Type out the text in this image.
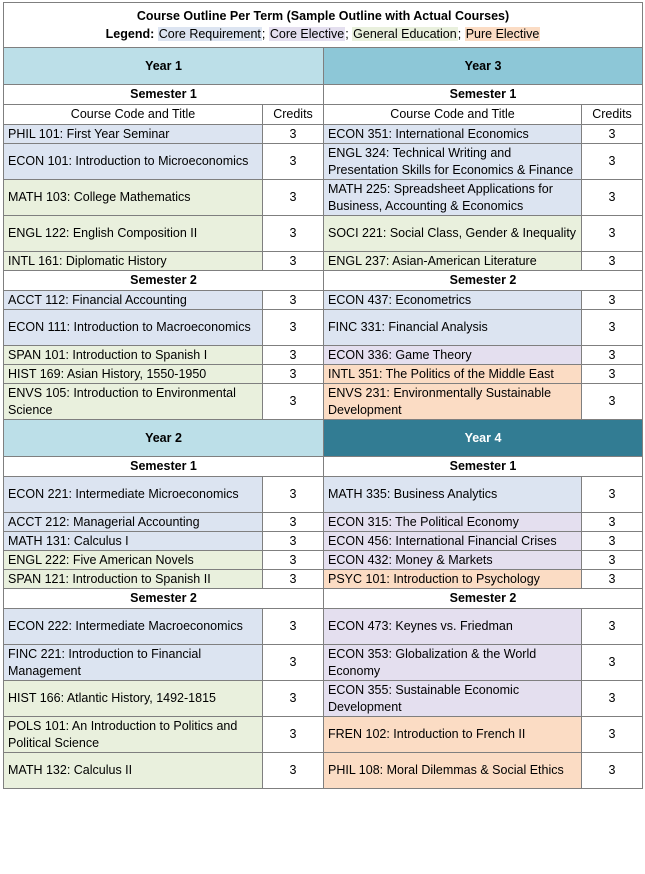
Course Outline Per Term (Sample Outline with Actual Courses)
Legend: Core Requirement; Core Elective; General Education; Pure Elective			

Year 1		Year 3	
Semester 1		Semester 1	
Course Code and Title	Credits	Course Code and Title	Credits
PHIL 101: First Year Seminar	3	ECON 351: International Economics	3
ECON 101: Introduction to Microeconomics	3	ENGL 324: Technical Writing and Presentation Skills for Economics & Finance	3
MATH 103: College Mathematics	3	MATH 225: Spreadsheet Applications for Business, Accounting & Economics	3
ENGL 122: English Composition II	3	SOCI 221: Social Class, Gender & Inequality	3
INTL 161: Diplomatic History	3	ENGL 237: Asian-American Literature	3
Semester 2		Semester 2	
ACCT 112: Financial Accounting	3	ECON 437: Econometrics	3
ECON 111: Introduction to Macroeconomics	3	FINC 331: Financial Analysis	3
SPAN 101: Introduction to Spanish I	3	ECON 336: Game Theory	3
HIST 169: Asian History, 1550-1950	3	INTL 351: The Politics of the Middle East	3
ENVS 105: Introduction to Environmental Science	3	ENVS 231: Environmentally Sustainable Development	3
Year 2		Year 4	
Semester 1		Semester 1	
ECON 221: Intermediate Microeconomics	3	MATH 335: Business Analytics	3
ACCT 212: Managerial Accounting	3	ECON 315: The Political Economy	3
MATH 131: Calculus I	3	ECON 456: International Financial Crises	3
ENGL 222: Five American Novels	3	ECON 432: Money & Markets	3
SPAN 121: Introduction to Spanish II	3	PSYC 101: Introduction to Psychology	3
Semester 2		Semester 2	
ECON 222: Intermediate Macroeconomics	3	ECON 473: Keynes vs. Friedman	3
FINC 221: Introduction to Financial Management	3	ECON 353: Globalization & the World Economy	3
HIST 166: Atlantic History, 1492-1815	3	ECON 355: Sustainable Economic Development	3
POLS 101: An Introduction to Politics and Political Science	3	FREN 102: Introduction to French II	3
MATH 132: Calculus II	3	PHIL 108: Moral Dilemmas & Social Ethics	3
